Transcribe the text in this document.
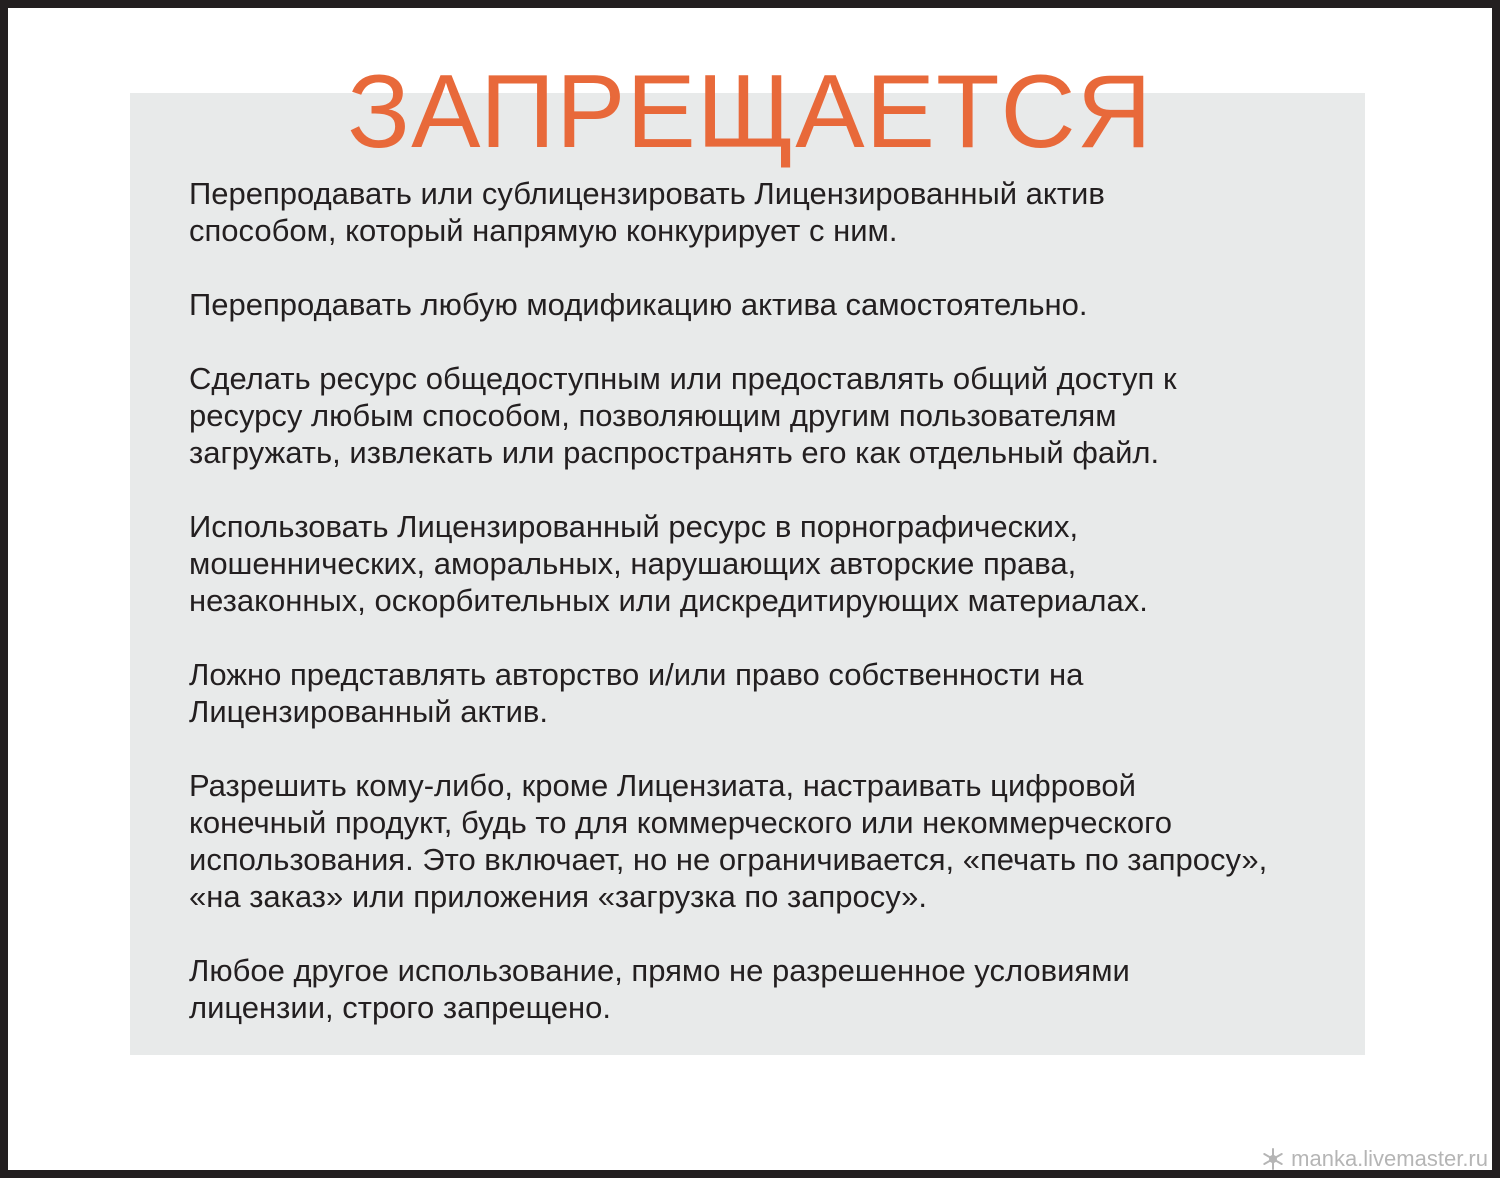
ЗАПРЕЩАЕТСЯ
Перепродавать или сублицензировать Лицензированный актив
способом, который напрямую конкурирует с ним.
Перепродавать любую модификацию актива самостоятельно.
Сделать ресурс общедоступным или предоставлять общий доступ к
ресурсу любым способом, позволяющим другим пользователям
загружать, извлекать или распространять его как отдельный файл.
Использовать Лицензированный ресурс в порнографических,
мошеннических, аморальных, нарушающих авторские права,
незаконных, оскорбительных или дискредитирующих материалах.
Ложно представлять авторство и/или право собственности на
Лицензированный актив.
Разрешить кому-либо, кроме Лицензиата, настраивать цифровой
конечный продукт, будь то для коммерческого или некоммерческого
использования. Это включает, но не ограничивается, «печать по запросу»,
«на заказ» или приложения «загрузка по запросу».
Любое другое использование, прямо не разрешенное условиями
лицензии, строго запрещено.
manka.livemaster.ru
